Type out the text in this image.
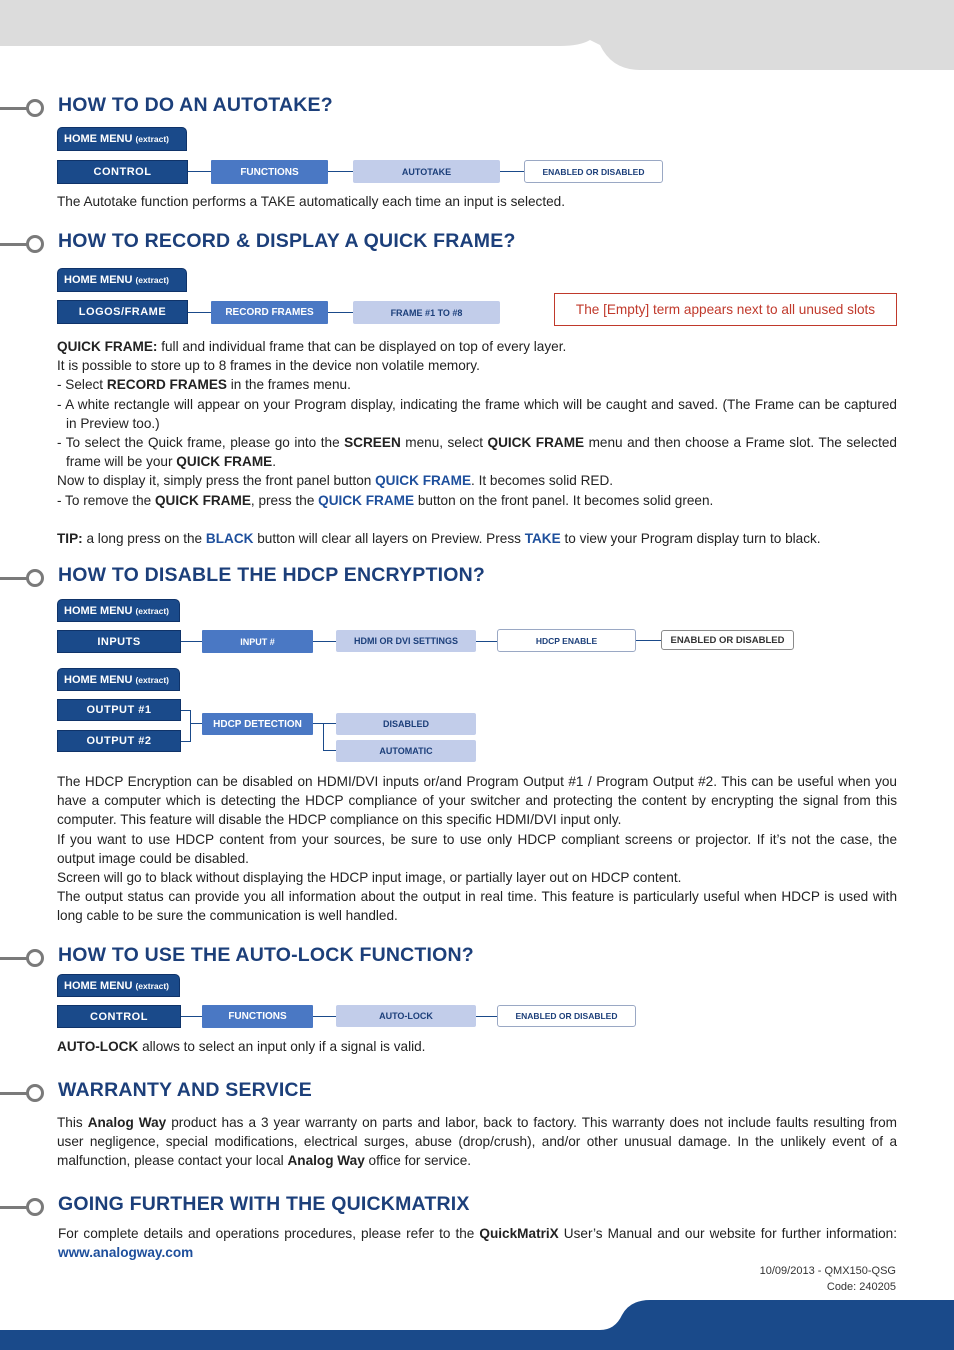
HOW TO DO AN AUTOTAKE?
HOME MENU (extract)
CONTROL	FUNCTIONS	AUTOTAKE	ENABLED OR DISABLED
The Autotake function performs a TAKE automatically each time an input is selected.
HOW TO RECORD & DISPLAY A QUICK FRAME?
HOME MENU (extract)
LOGOS/FRAME	RECORD FRAMES	FRAME #1 TO #8	The [Empty] term appears next to all unused slots
QUICK FRAME: full and individual frame that can be displayed on top of every layer.
It is possible to store up to 8 frames in the device non volatile memory.
- Select RECORD FRAMES in the frames menu.
- A white rectangle will appear on your Program display, indicating the frame which will be caught and saved. (The Frame can be captured in Preview too.)
- To select the Quick frame, please go into the SCREEN menu, select QUICK FRAME menu and then choose a Frame slot. The selected frame will be your QUICK FRAME.
Now to display it, simply press the front panel button QUICK FRAME. It becomes solid RED.
- To remove the QUICK FRAME, press the QUICK FRAME button on the front panel. It becomes solid green.
TIP: a long press on the BLACK button will clear all layers on Preview. Press TAKE to view your Program display turn to black.
HOW TO DISABLE THE HDCP ENCRYPTION?
HOME MENU (extract)
INPUTS	INPUT #	HDMI OR DVI SETTINGS	HDCP ENABLE	ENABLED OR DISABLED
HOME MENU (extract)
OUTPUT #1
OUTPUT #2
HDCP DETECTION	DISABLED
AUTOMATIC
The HDCP Encryption can be disabled on HDMI/DVI inputs or/and Program Output #1 / Program Output #2. This can be useful when you have a computer which is detecting the HDCP compliance of your switcher and protecting the content by encrypting the signal from this computer. This feature will disable the HDCP compliance on this specific HDMI/DVI input only.
If you want to use HDCP content from your sources, be sure to use only HDCP compliant screens or projector. If it’s not the case, the output image could be disabled.
Screen will go to black without displaying the HDCP input image, or partially layer out on HDCP content.
The output status can provide you all information about the output in real time. This feature is particularly useful when HDCP is used with long cable to be sure the communication is well handled.
HOW TO USE THE AUTO-LOCK FUNCTION?
HOME MENU (extract)
CONTROL	FUNCTIONS	AUTO-LOCK	ENABLED OR DISABLED
AUTO-LOCK allows to select an input only if a signal is valid.
WARRANTY AND SERVICE
This Analog Way product has a 3 year warranty on parts and labor, back to factory. This warranty does not include faults resulting from user negligence, special modifications, electrical surges, abuse (drop/crush), and/or other unusual damage. In the unlikely event of a malfunction, please contact your local Analog Way office for service.
GOING FURTHER WITH THE QUICKMATRIX
For complete details and operations procedures, please refer to the QuickMatriX User’s Manual and our website for further information: www.analogway.com
10/09/2013 - QMX150-QSG
Code: 240205
